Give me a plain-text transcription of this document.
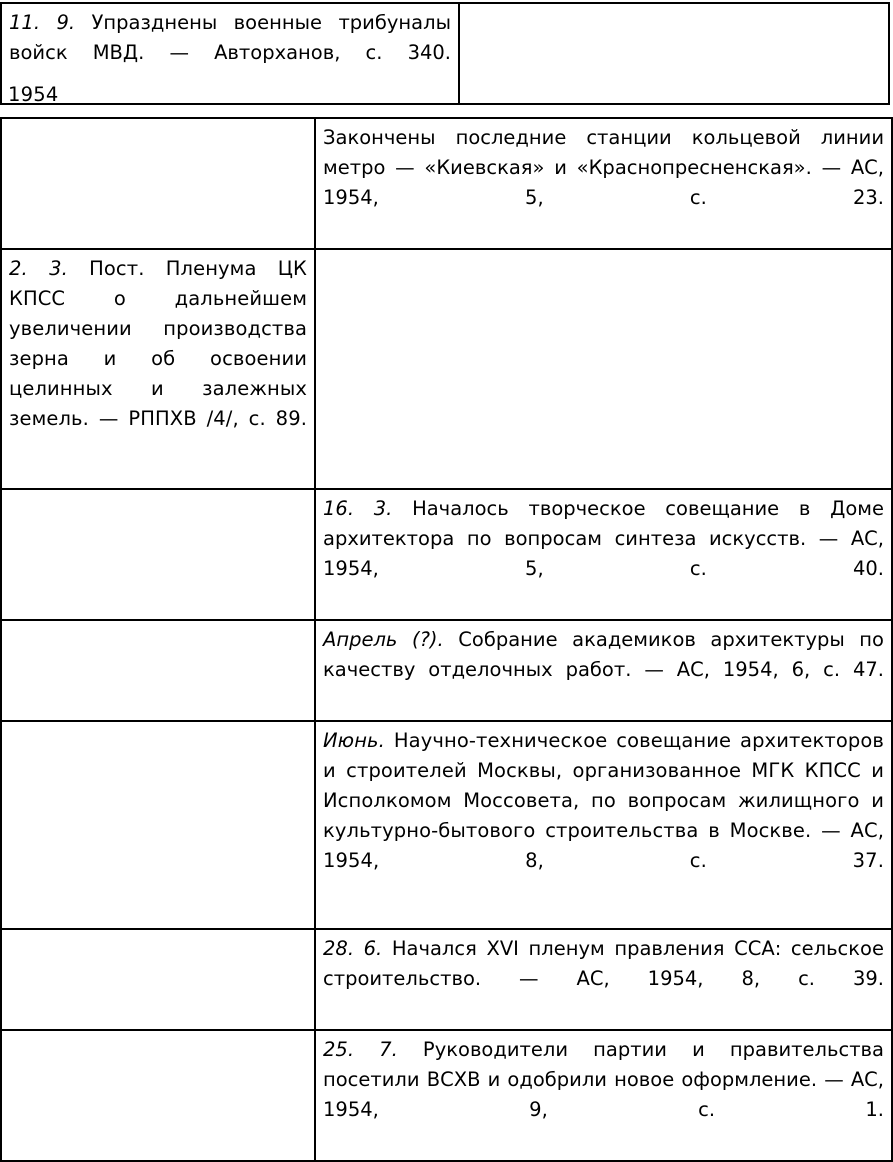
11. 9. Упразднены военные трибуналы войск МВД. — Авторханов, с. 340.	
1954
	Закончены последние станции кольцевой линии метро — «Киевская» и «Краснопресненская». — АС, 1954, 5, с. 23.
2. 3. Пост. Пленума ЦК КПСС о дальнейшем увеличении производства зерна и об освоении целинных и залежных земель. — РППХВ /4/, с. 89.	
	16. 3. Началось творческое совещание в Доме архитектора по вопросам синтеза искусств. — АС, 1954, 5, с. 40.
	Апрель (?). Собрание академиков архитектуры по качеству отделочных работ. — АС, 1954, 6, с. 47.
	Июнь. Научно-техническое совещание архитекторов и строителей Москвы, организованное МГК КПСС и Исполкомом Моссовета, по вопросам жилищного и культурно-бытового строительства в Москве. — АС, 1954, 8, с. 37.
	28. 6. Начался XVI пленум правления ССА: сельское строительство. — АС, 1954, 8, с. 39.
	25. 7. Руководители партии и правительства посетили ВСХВ и одобрили новое оформление. — АС, 1954, 9, с. 1.
